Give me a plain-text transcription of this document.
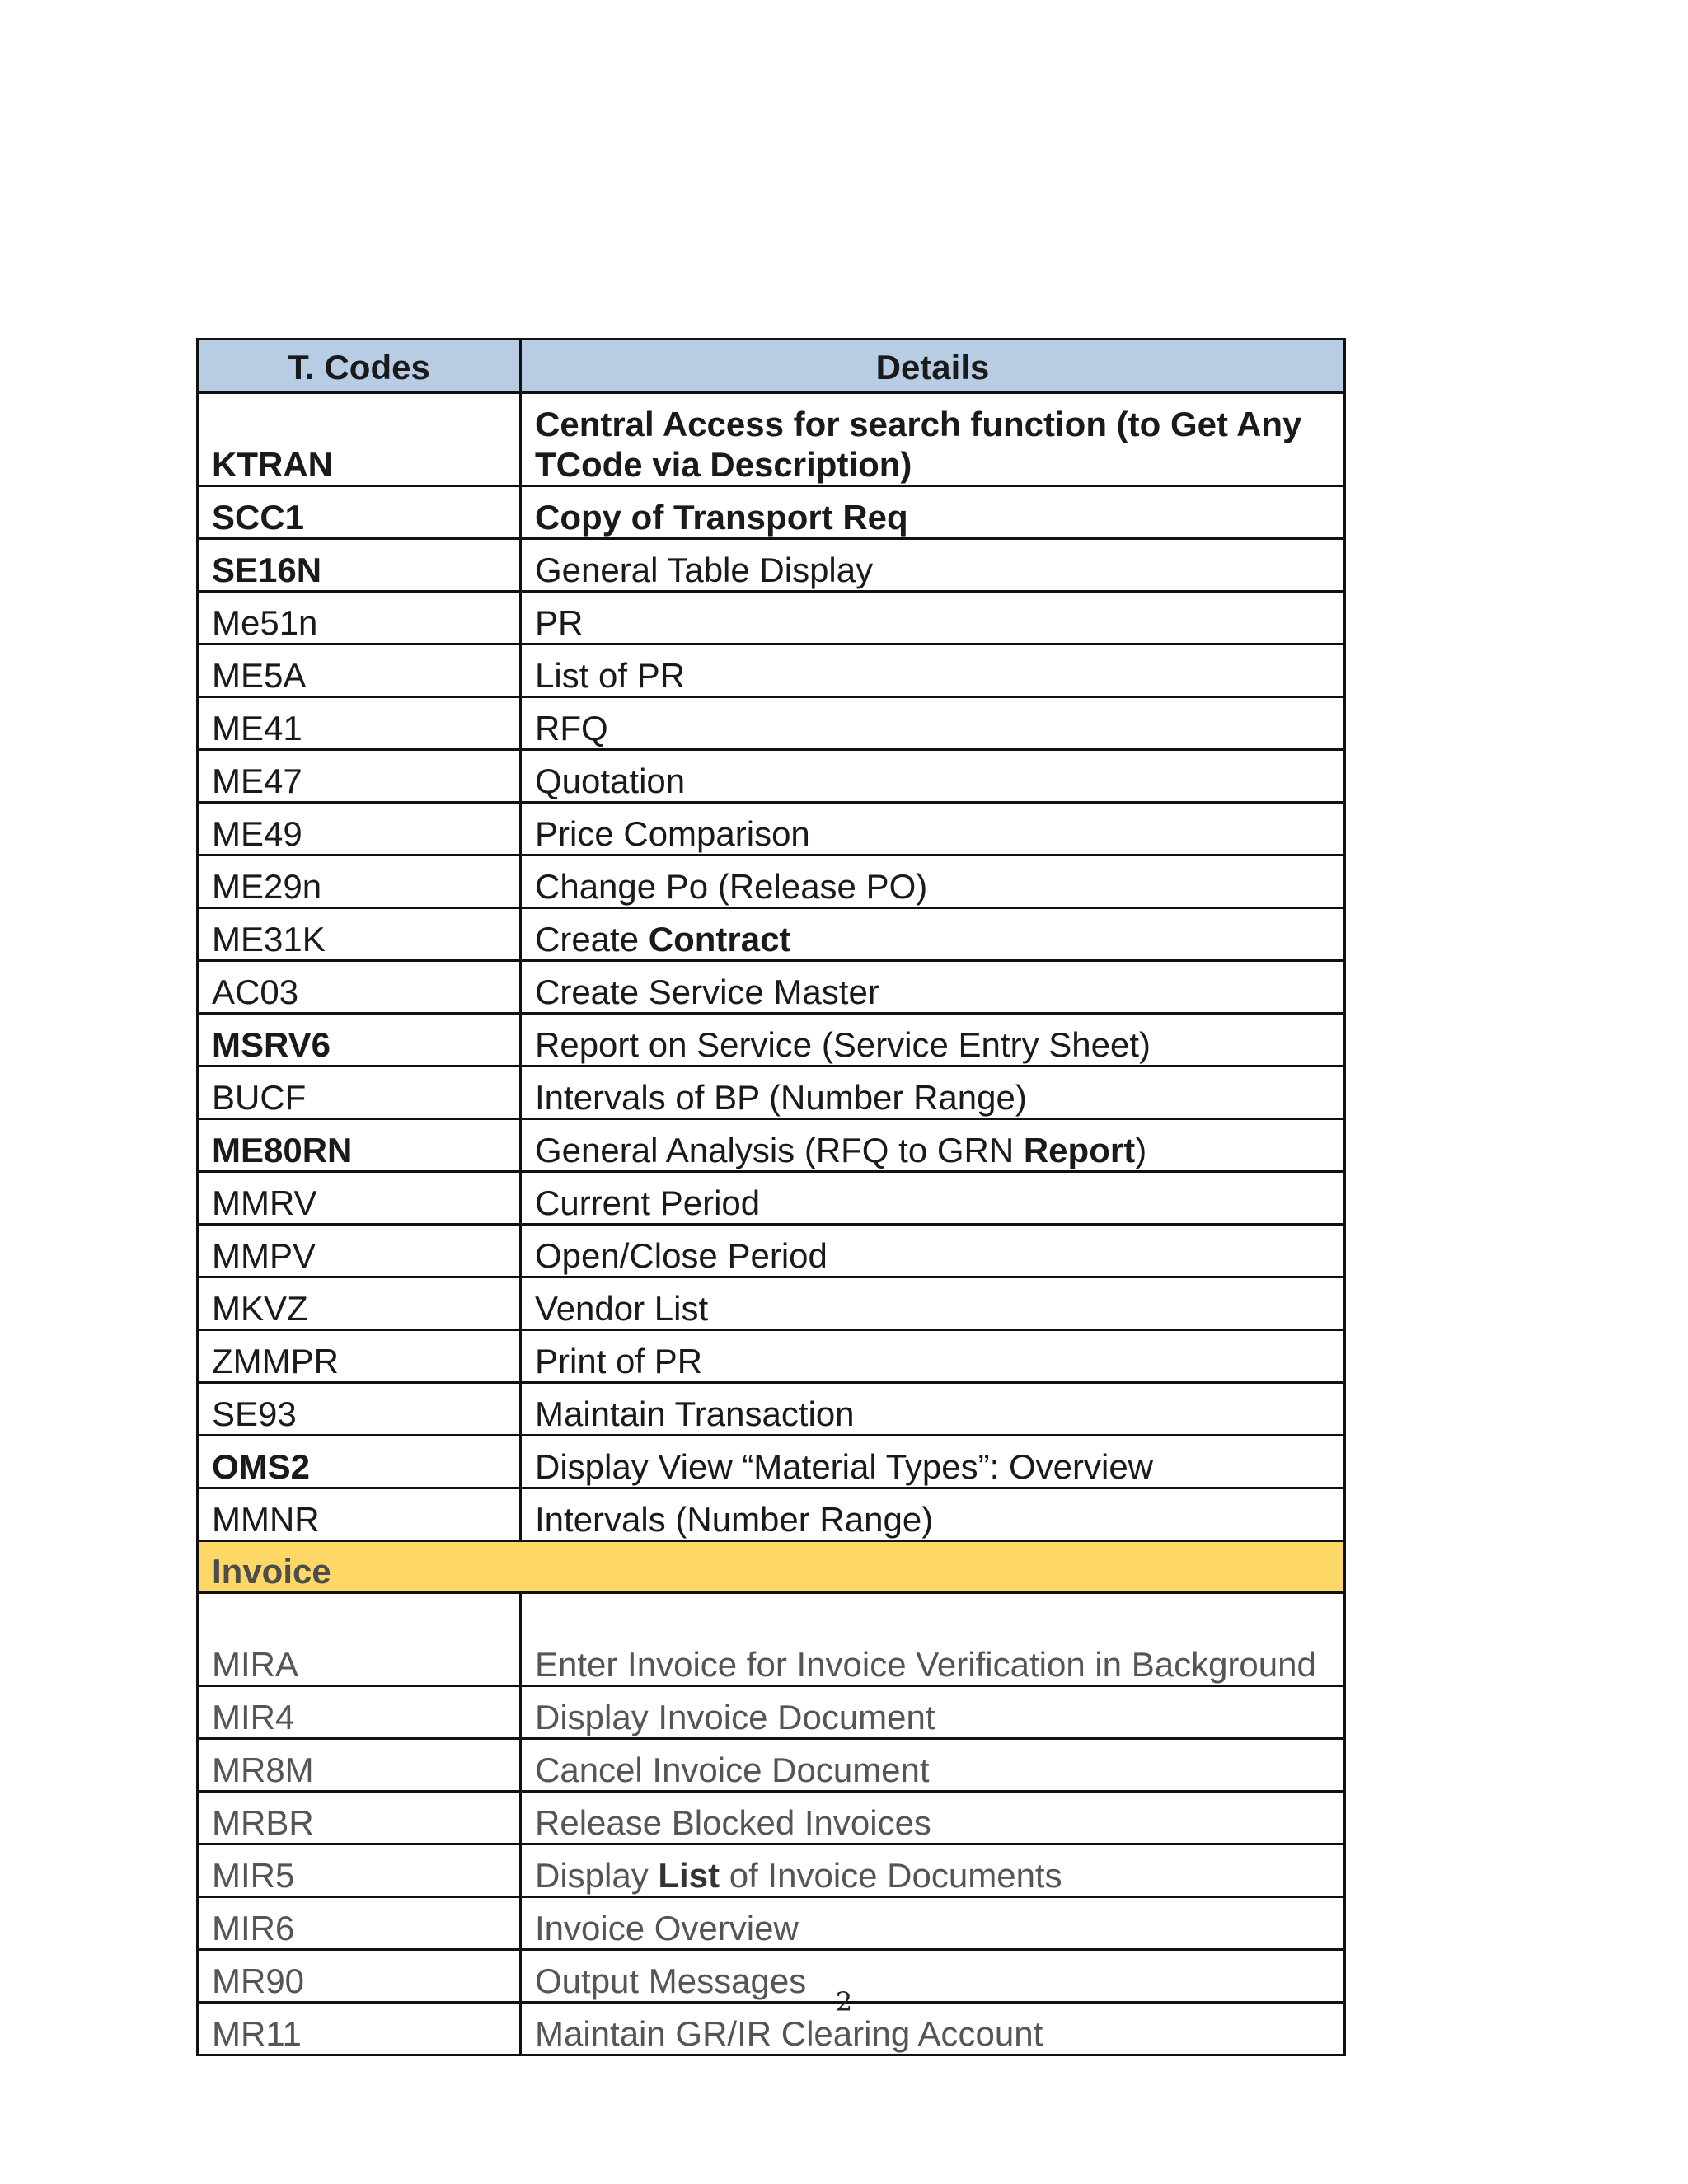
T. Codes	Details
KTRAN	Central Access for search function (to Get Any TCode via Description)
SCC1	Copy of Transport Req
SE16N	General Table Display
Me51n	PR
ME5A	List of PR
ME41	RFQ
ME47	Quotation
ME49	Price Comparison
ME29n	Change Po (Release PO)
ME31K	Create Contract
AC03	Create Service Master
MSRV6	Report on Service (Service Entry Sheet)
BUCF	Intervals of BP (Number Range)
ME80RN	General Analysis (RFQ to GRN Report)
MMRV	Current Period
MMPV	Open/Close Period
MKVZ	Vendor List
ZMMPR	Print of PR
SE93	Maintain Transaction
OMS2	Display View “Material Types”: Overview
MMNR	Intervals (Number Range)
Invoice	
MIRA	Enter Invoice for Invoice Verification in Background
MIR4	Display Invoice Document
MR8M	Cancel Invoice Document
MRBR	Release Blocked Invoices
MIR5	Display List of Invoice Documents
MIR6	Invoice Overview
MR90	Output Messages
MR11	Maintain GR/IR Clearing Account
2
